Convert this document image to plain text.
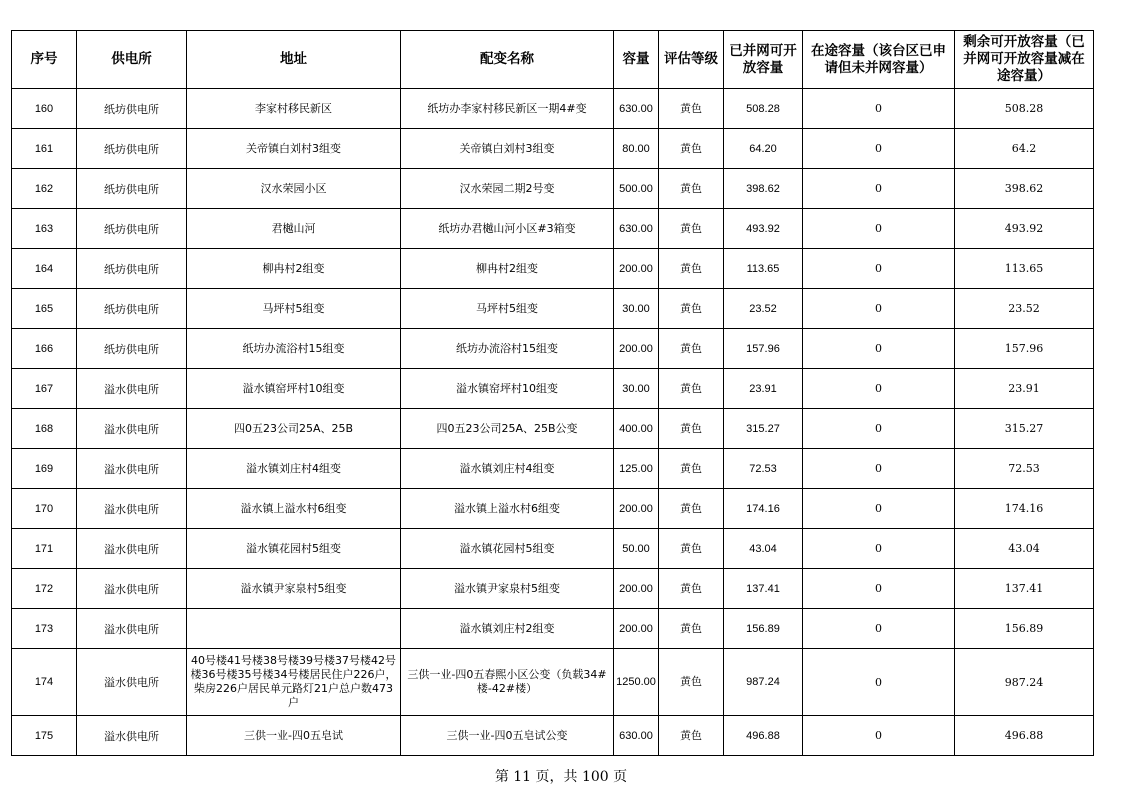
序号	供电所	地址	配变名称	容量	评估等级	已并网可开放容量	在途容量（该台区已申请但未并网容量）	剩余可开放容量（已并网可开放容量减在途容量）
160	纸坊供电所	李家村移民新区	纸坊办李家村移民新区一期4#变	630.00	黄色	508.28	0	508.28
161	纸坊供电所	关帝镇白刘村3组变	关帝镇白刘村3组变	80.00	黄色	64.20	0	64.2
162	纸坊供电所	汉水荣园小区	汉水荣园二期2号变	500.00	黄色	398.62	0	398.62
163	纸坊供电所	君樾山河	纸坊办君樾山河小区#3箱变	630.00	黄色	493.92	0	493.92
164	纸坊供电所	柳冉村2组变	柳冉村2组变	200.00	黄色	113.65	0	113.65
165	纸坊供电所	马坪村5组变	马坪村5组变	30.00	黄色	23.52	0	23.52
166	纸坊供电所	纸坊办流浴村15组变	纸坊办流浴村15组变	200.00	黄色	157.96	0	157.96
167	溢水供电所	溢水镇窑坪村10组变	溢水镇窑坪村10组变	30.00	黄色	23.91	0	23.91
168	溢水供电所	四0五23公司25A、25B	四0五23公司25A、25B公变	400.00	黄色	315.27	0	315.27
169	溢水供电所	溢水镇刘庄村4组变	溢水镇刘庄村4组变	125.00	黄色	72.53	0	72.53
170	溢水供电所	溢水镇上溢水村6组变	溢水镇上溢水村6组变	200.00	黄色	174.16	0	174.16
171	溢水供电所	溢水镇花园村5组变	溢水镇花园村5组变	50.00	黄色	43.04	0	43.04
172	溢水供电所	溢水镇尹家泉村5组变	溢水镇尹家泉村5组变	200.00	黄色	137.41	0	137.41
173	溢水供电所		溢水镇刘庄村2组变	200.00	黄色	156.89	0	156.89
174	溢水供电所	40号楼41号楼38号楼39号楼37号楼42号楼36号楼35号楼34号楼居民住户226户，柴房226户居民单元路灯21户总户数473户	三供一业-四0五春熙小区公变（负载34#楼-42#楼）	1250.00	黄色	987.24	0	987.24
175	溢水供电所	三供一业-四0五皂试	三供一业-四0五皂试公变	630.00	黄色	496.88	0	496.88
第 11 页，共 100 页
